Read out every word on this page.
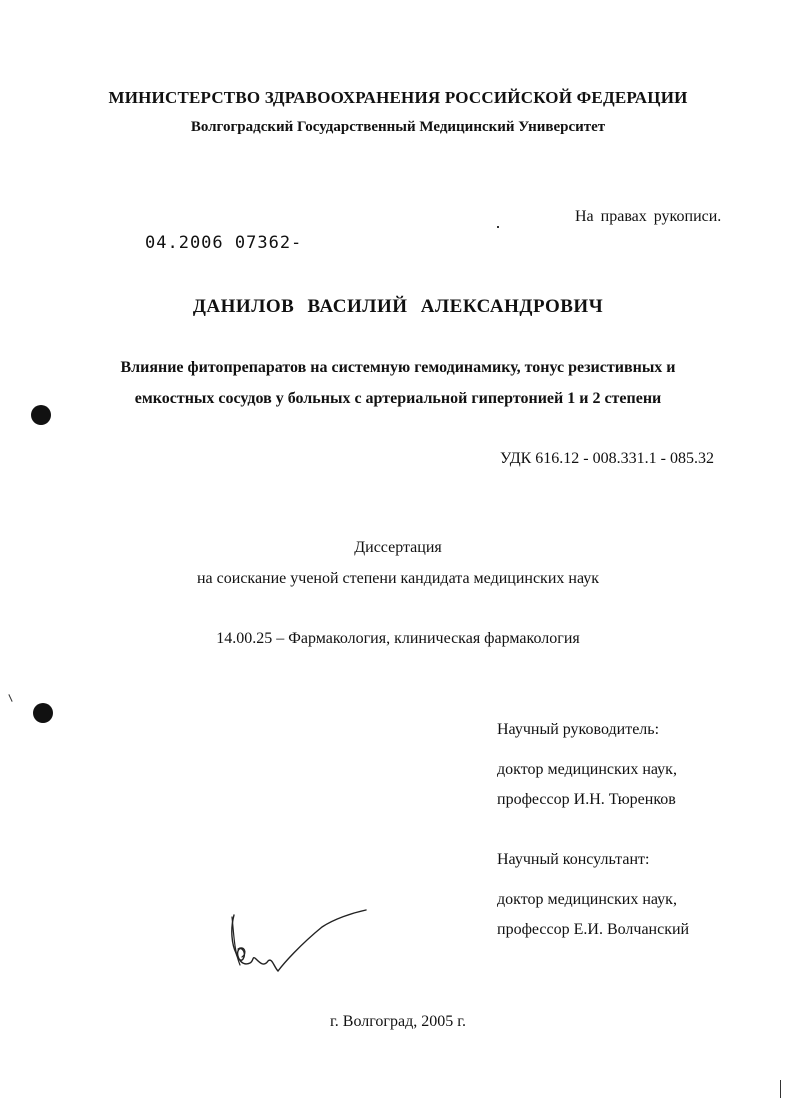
МИНИСТЕРСТВО ЗДРАВООХРАНЕНИЯ РОССИЙСКОЙ ФЕДЕРАЦИИ
Волгоградский Государственный Медицинский Университет
На правах рукописи.
04.2006 07362-
ДАНИЛОВ ВАСИЛИЙ АЛЕКСАНДРОВИЧ
Влияние фитопрепаратов на системную гемодинамику, тонус резистивных и
емкостных сосудов у больных с артериальной гипертонией 1 и 2 степени
УДК 616.12 - 008.331.1 - 085.32
Диссертация
на соискание ученой степени кандидата медицинских наук
14.00.25 – Фармакология, клиническая фармакология
Научный руководитель:
доктор медицинских наук,
профессор И.Н. Тюренков
Научный консультант:
доктор медицинских наук,
профессор Е.И. Волчанский
г. Волгоград, 2005 г.
